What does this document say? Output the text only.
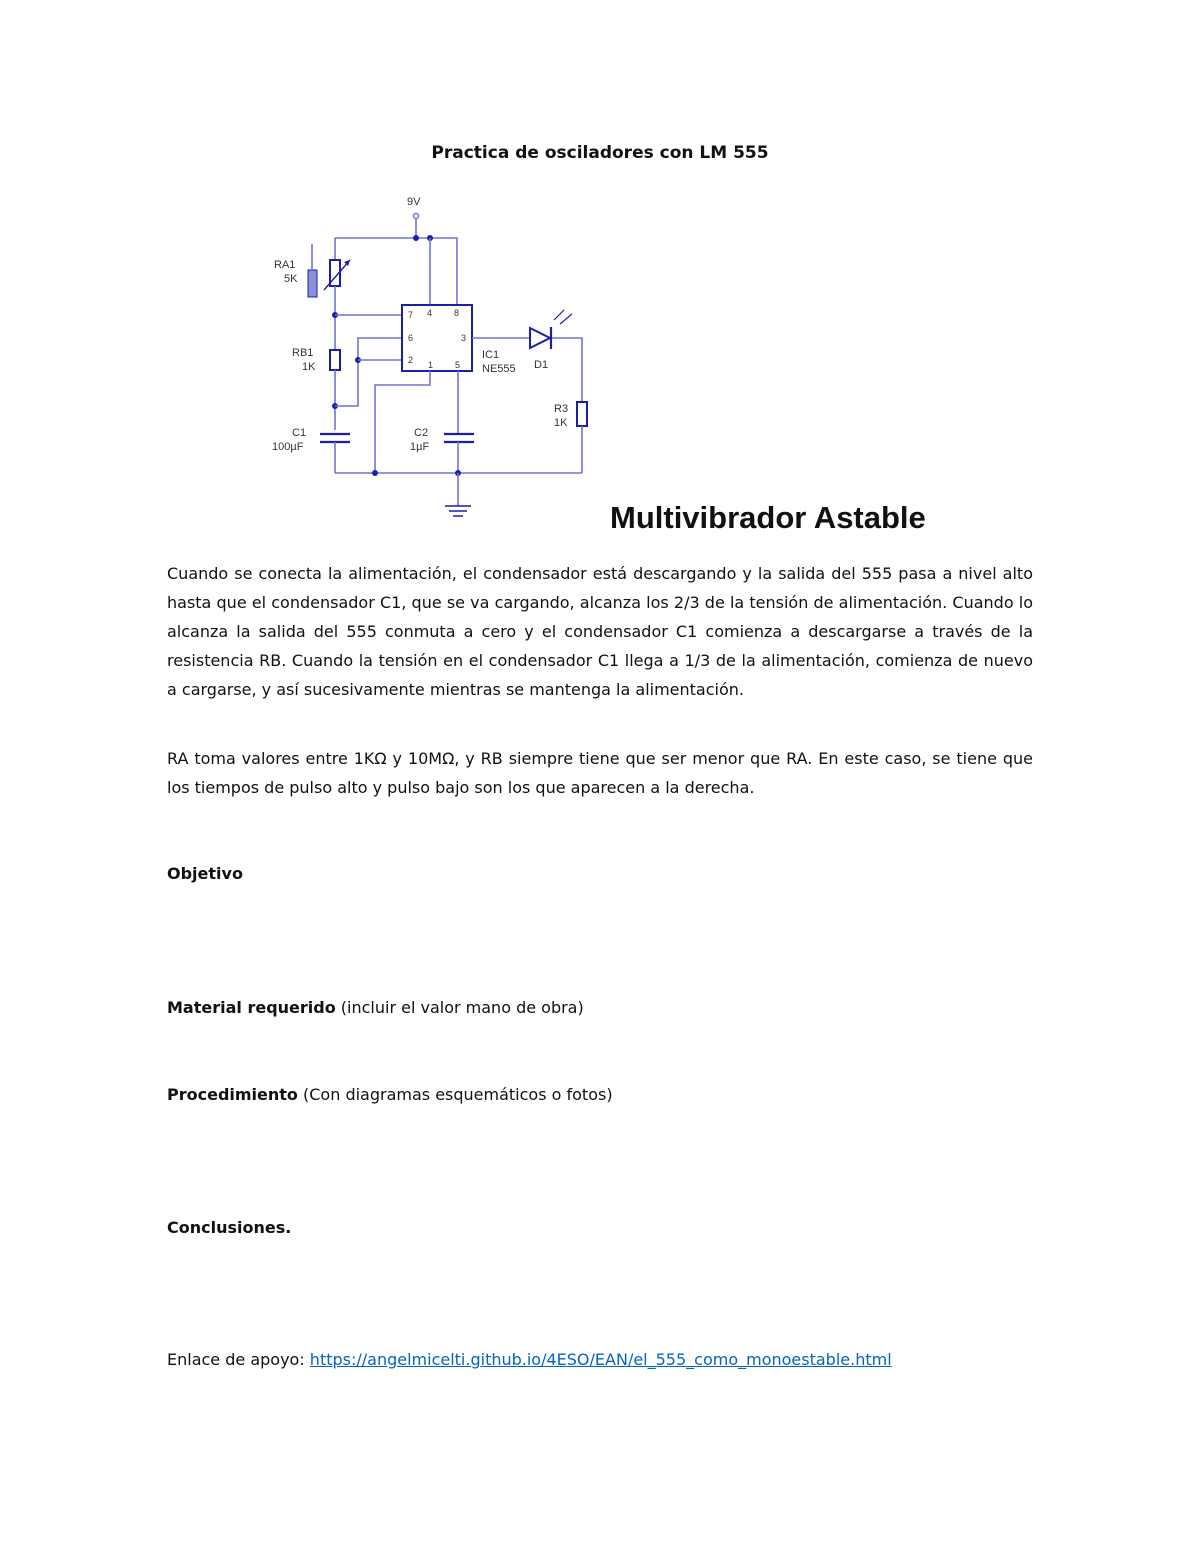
Practica de osciladores con LM 555
9V
RA1
5K
RB1
1K
C1
100µF
7 4 8
6	3
2 1 5
IC1
NE555
C2
1µF
D1
R3
1K
Multivibrador Astable
Cuando se conecta la alimentación, el condensador está descargando y la salida del 555 pasa a nivel alto hasta que el condensador C1, que se va cargando, alcanza los 2/3 de la tensión de alimentación. Cuando lo alcanza la salida del 555 conmuta a cero y el condensador C1 comienza a descargarse a través de la resistencia RB. Cuando la tensión en el condensador C1 llega a 1/3 de la alimentación, comienza de nuevo a cargarse, y así sucesivamente mientras se mantenga la alimentación.
RA toma valores entre 1KΩ y 10MΩ, y RB siempre tiene que ser menor que RA. En este caso, se tiene que los tiempos de pulso alto y pulso bajo son los que aparecen a la derecha.
Objetivo
Material requerido (incluir el valor mano de obra)
Procedimiento (Con diagramas esquemáticos o fotos)
Conclusiones.
Enlace de apoyo: https://angelmicelti.github.io/4ESO/EAN/el_555_como_monoestable.html
